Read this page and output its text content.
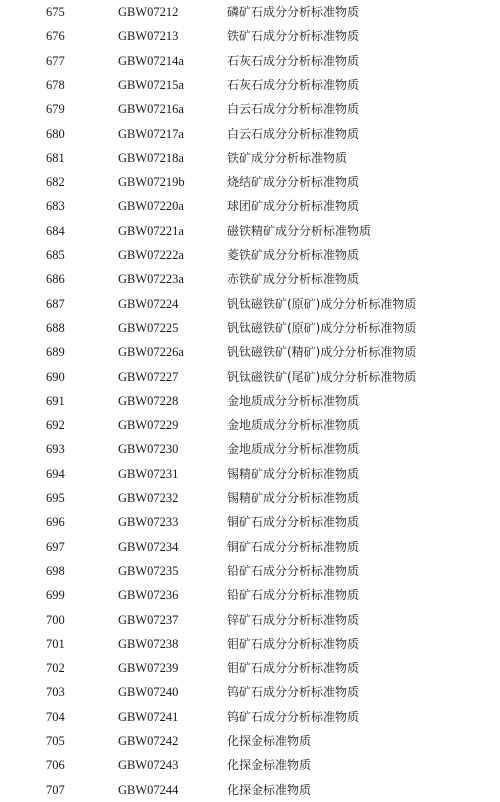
675	GBW07212	磷矿石成分分析标准物质
676	GBW07213	铁矿石成分分析标准物质
677	GBW07214a	石灰石成分分析标准物质
678	GBW07215a	石灰石成分分析标准物质
679	GBW07216a	白云石成分分析标准物质
680	GBW07217a	白云石成分分析标准物质
681	GBW07218a	铁矿成分分析标准物质
682	GBW07219b	烧结矿成分分析标准物质
683	GBW07220a	球团矿成分分析标准物质
684	GBW07221a	磁铁精矿成分分析标准物质
685	GBW07222a	菱铁矿成分分析标准物质
686	GBW07223a	赤铁矿成分分析标准物质
687	GBW07224	钒钛磁铁矿(原矿)成分分析标准物质
688	GBW07225	钒钛磁铁矿(原矿)成分分析标准物质
689	GBW07226a	钒钛磁铁矿(精矿)成分分析标准物质
690	GBW07227	钒钛磁铁矿(尾矿)成分分析标准物质
691	GBW07228	金地质成分分析标准物质
692	GBW07229	金地质成分分析标准物质
693	GBW07230	金地质成分分析标准物质
694	GBW07231	锡精矿成分分析标准物质
695	GBW07232	锡精矿成分分析标准物质
696	GBW07233	铜矿石成分分析标准物质
697	GBW07234	铜矿石成分分析标准物质
698	GBW07235	铅矿石成分分析标准物质
699	GBW07236	铅矿石成分分析标准物质
700	GBW07237	锌矿石成分分析标准物质
701	GBW07238	钼矿石成分分析标准物质
702	GBW07239	钼矿石成分分析标准物质
703	GBW07240	钨矿石成分分析标准物质
704	GBW07241	钨矿石成分分析标准物质
705	GBW07242	化探金标准物质
706	GBW07243	化探金标准物质
707	GBW07244	化探金标准物质
